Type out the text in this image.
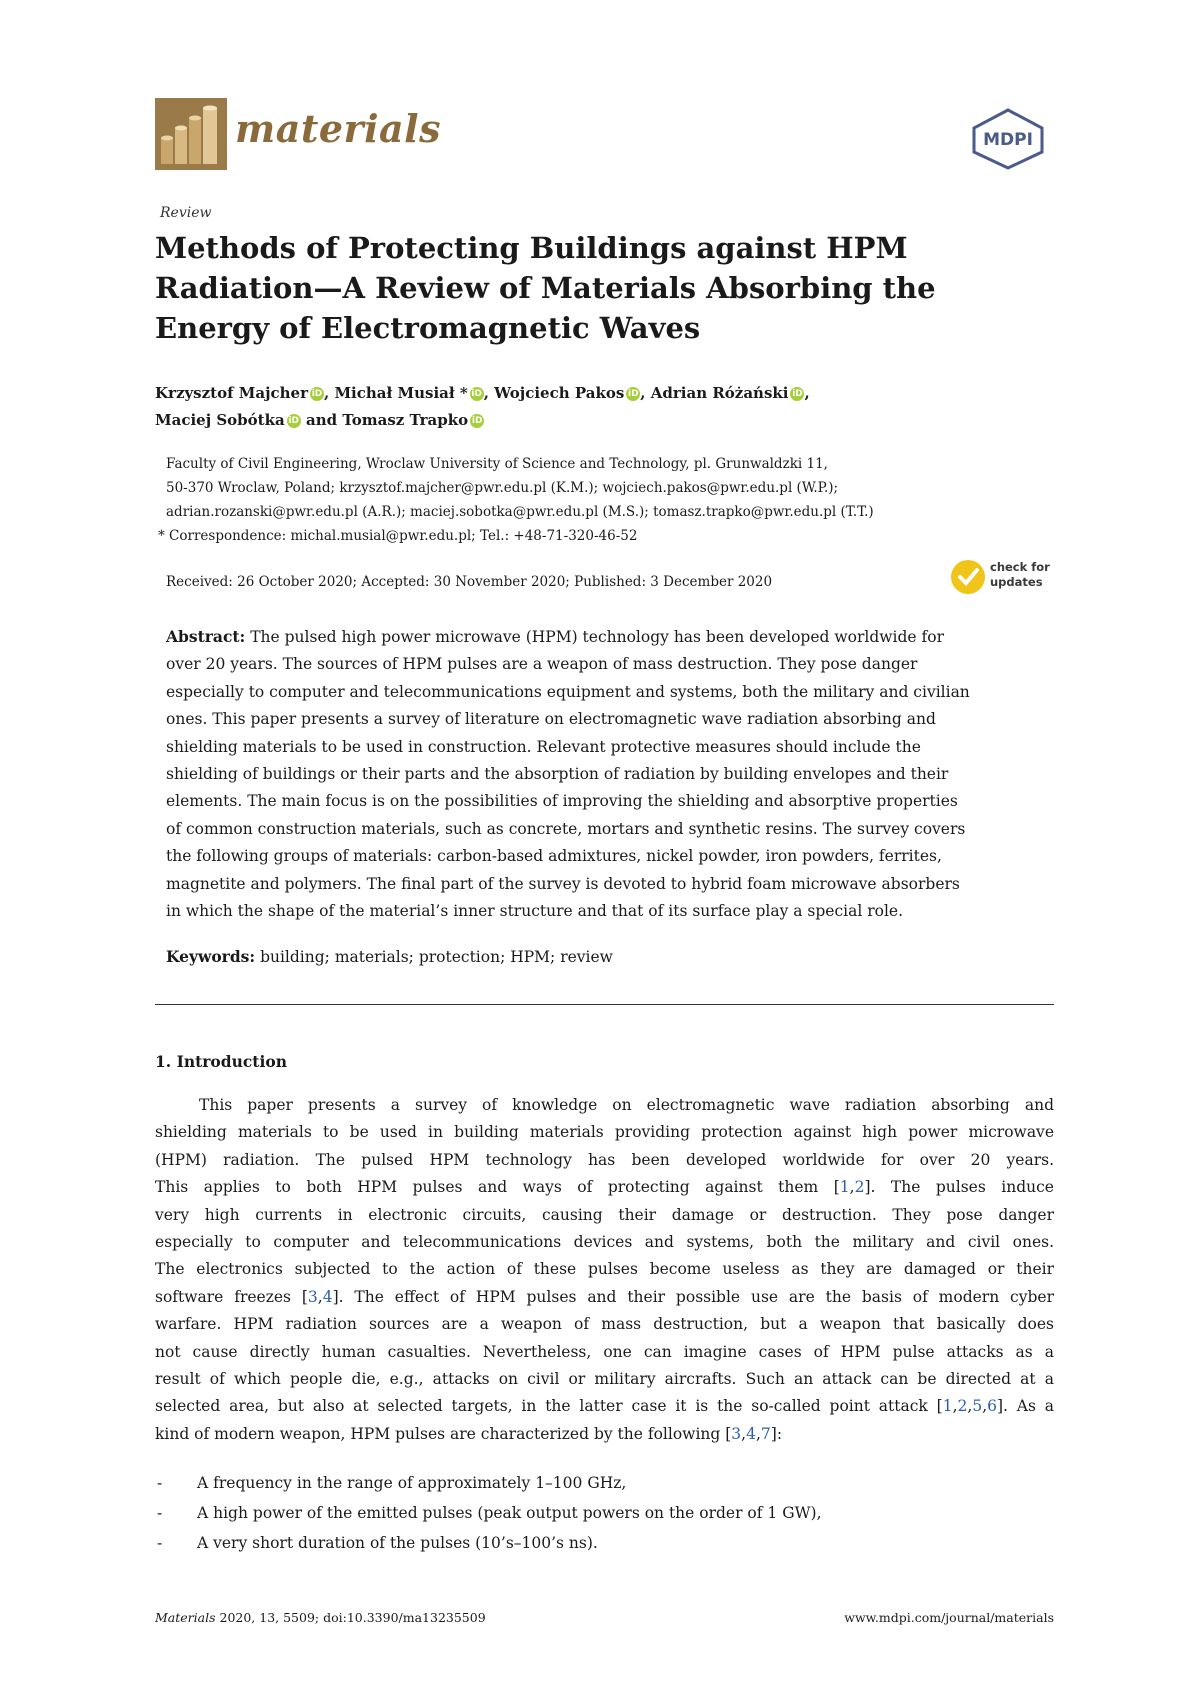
materials	MDPI
Review
Methods of Protecting Buildings against HPM
Radiation—A Review of Materials Absorbing the
Energy of Electromagnetic Waves
Krzysztof Majcher iD , Michał Musiał * iD , Wojciech Pakos iD , Adrian Różański iD ,
Maciej Sobótka iD and Tomasz Trapko iD
Faculty of Civil Engineering, Wroclaw University of Science and Technology, pl. Grunwaldzki 11,
50-370 Wroclaw, Poland; krzysztof.majcher@pwr.edu.pl (K.M.); wojciech.pakos@pwr.edu.pl (W.P.);
adrian.rozanski@pwr.edu.pl (A.R.); maciej.sobotka@pwr.edu.pl (M.S.); tomasz.trapko@pwr.edu.pl (T.T.)
* Correspondence: michal.musial@pwr.edu.pl; Tel.: +48-71-320-46-52
Received: 26 October 2020; Accepted: 30 November 2020; Published: 3 December 2020
check for
updates
Abstract: The pulsed high power microwave (HPM) technology has been developed worldwide for
over 20 years. The sources of HPM pulses are a weapon of mass destruction. They pose danger
especially to computer and telecommunications equipment and systems, both the military and civilian
ones. This paper presents a survey of literature on electromagnetic wave radiation absorbing and
shielding materials to be used in construction. Relevant protective measures should include the
shielding of buildings or their parts and the absorption of radiation by building envelopes and their
elements. The main focus is on the possibilities of improving the shielding and absorptive properties
of common construction materials, such as concrete, mortars and synthetic resins. The survey covers
the following groups of materials: carbon-based admixtures, nickel powder, iron powders, ferrites,
magnetite and polymers. The final part of the survey is devoted to hybrid foam microwave absorbers
in which the shape of the material’s inner structure and that of its surface play a special role.
Keywords: building; materials; protection; HPM; review
1. Introduction
This paper presents a survey of knowledge on electromagnetic wave radiation absorbing and
shielding materials to be used in building materials providing protection against high power microwave
(HPM) radiation. The pulsed HPM technology has been developed worldwide for over 20 years.
This applies to both HPM pulses and ways of protecting against them [1,2]. The pulses induce
very high currents in electronic circuits, causing their damage or destruction. They pose danger
especially to computer and telecommunications devices and systems, both the military and civil ones.
The electronics subjected to the action of these pulses become useless as they are damaged or their
software freezes [3,4]. The effect of HPM pulses and their possible use are the basis of modern cyber
warfare. HPM radiation sources are a weapon of mass destruction, but a weapon that basically does
not cause directly human casualties. Nevertheless, one can imagine cases of HPM pulse attacks as a
result of which people die, e.g., attacks on civil or military aircrafts. Such an attack can be directed at a
selected area, but also at selected targets, in the latter case it is the so-called point attack [1,2,5,6]. As a
kind of modern weapon, HPM pulses are characterized by the following [3,4,7]:
- A frequency in the range of approximately 1–100 GHz,
- A high power of the emitted pulses (peak output powers on the order of 1 GW),
- A very short duration of the pulses (10’s–100’s ns).
Materials 2020, 13, 5509; doi:10.3390/ma13235509	www.mdpi.com/journal/materials
